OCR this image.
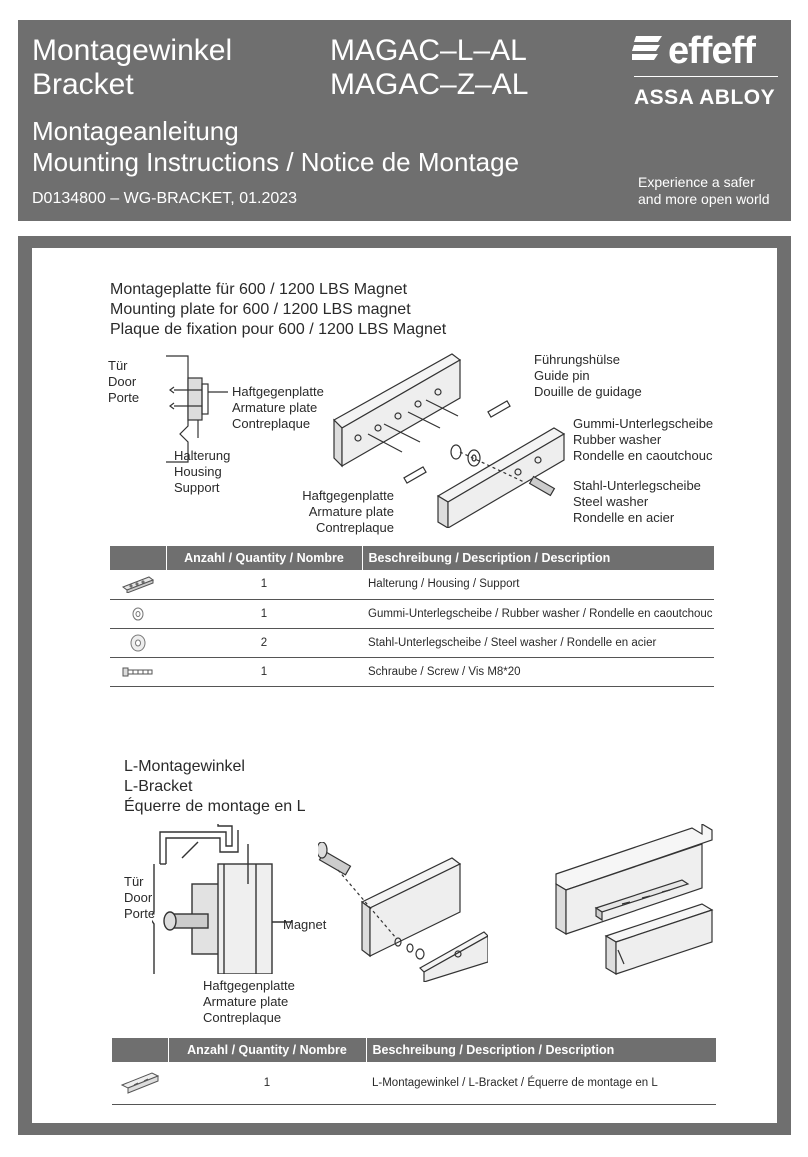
Montagewinkel
Bracket
MAGAC–L–AL
MAGAC–Z–AL
Montageanleitung
Mounting Instructions / Notice de Montage
D0134800 – WG-BRACKET, 01.2023
effeff
ASSA ABLOY
Experience a safer
and more open world
Montageplatte für 600 / 1200 LBS Magnet
Mounting plate for 600 / 1200 LBS magnet
Plaque de fixation pour 600 / 1200 LBS Magnet
Tür
Door
Porte	Haftgegenplatte
Armature plate
Contreplaque
Halterung
Housing
Support
Haftgegenplatte
Armature plate
Contreplaque
Führungshülse
Guide pin
Douille de guidage
Gummi-Unterlegscheibe
Rubber washer
Rondelle en caoutchouc
Stahl-Unterlegscheibe
Steel washer
Rondelle en acier
	Anzahl / Quantity / Nombre	Beschreibung / Description / Description
	1	Halterung / Housing / Support
	1	Gummi-Unterlegscheibe / Rubber washer / Rondelle en caoutchouc
	2	Stahl-Unterlegscheibe / Steel washer / Rondelle en acier
	1	Schraube / Screw / Vis M8*20
L-Montagewinkel
L-Bracket
Équerre de montage en L
Tür
Door
Porte
Magnet
Haftgegenplatte
Armature plate
Contreplaque
	Anzahl / Quantity / Nombre	Beschreibung / Description / Description
	1	L-Montagewinkel / L-Bracket / Équerre de montage en L
